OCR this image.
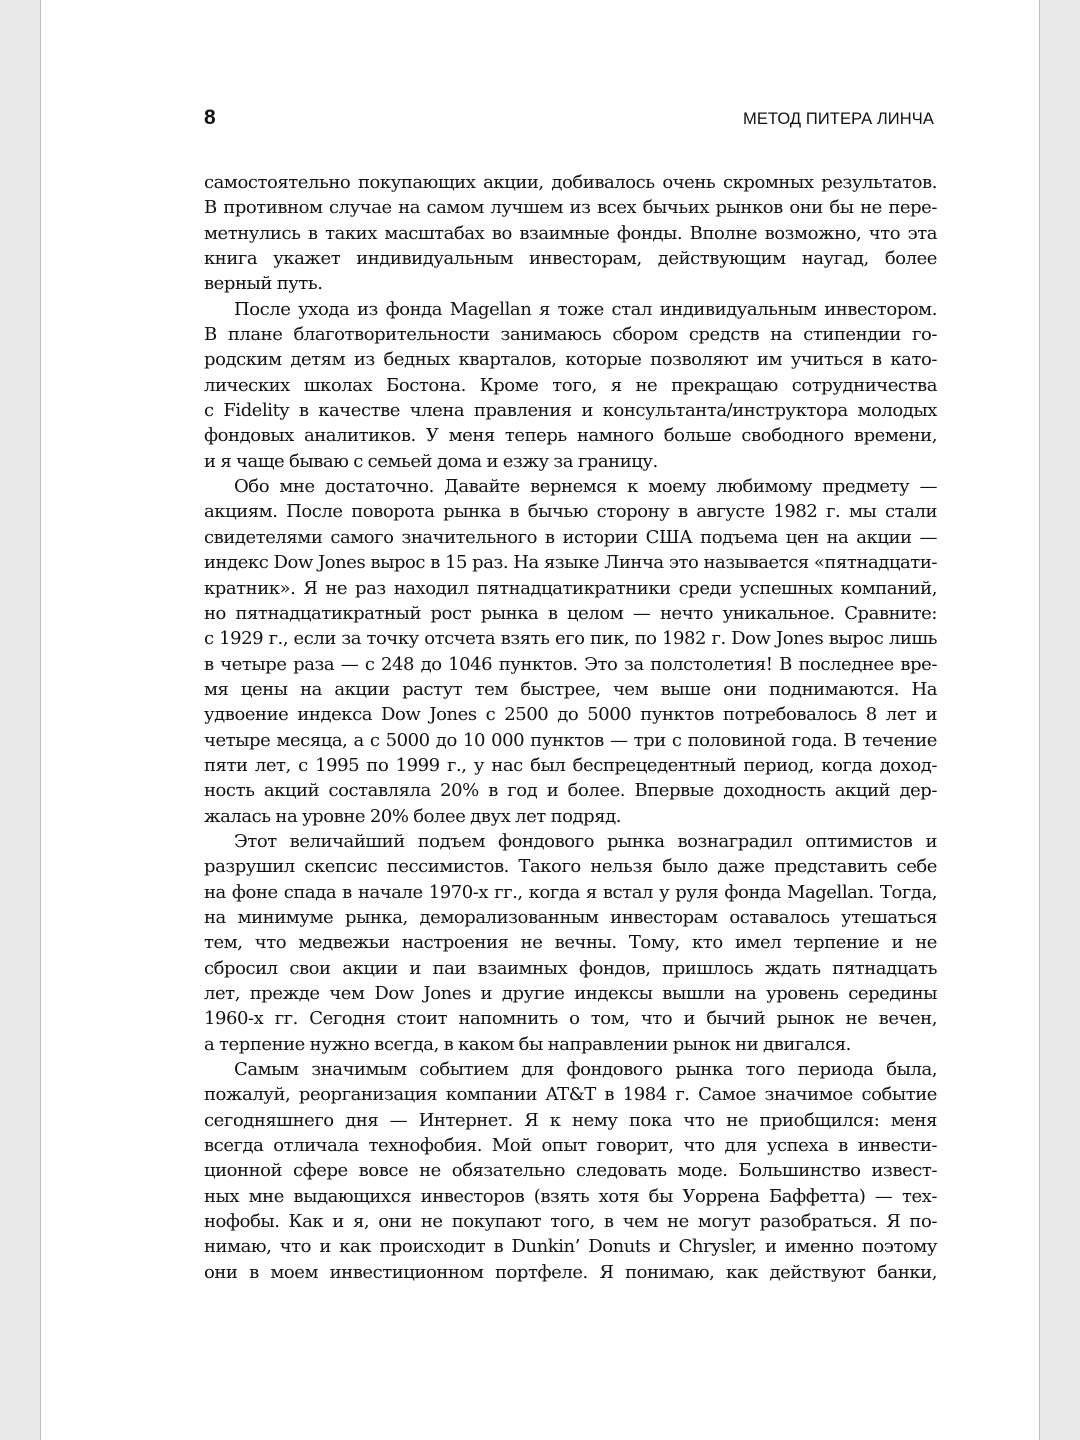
8	МЕТОД ПИТЕРА ЛИНЧА

самостоятельно покупающих акции, добивалось очень скромных результатов.
В противном случае на самом лучшем из всех бычьих рынков они бы не пере-
метнулись в таких масштабах во взаимные фонды. Вполне возможно, что эта
книга укажет индивидуальным инвесторам, действующим наугад, более
верный путь.

После ухода из фонда Magellan я тоже стал индивидуальным инвестором.
В плане благотворительности занимаюсь сбором средств на стипендии го-
родским детям из бедных кварталов, которые позволяют им учиться в като-
лических школах Бостона. Кроме того, я не прекращаю сотрудничества
с Fidelity в качестве члена правления и консультанта/инструктора молодых
фондовых аналитиков. У меня теперь намного больше свободного времени,
и я чаще бываю с семьей дома и езжу за границу.

Обо мне достаточно. Давайте вернемся к моему любимому предмету —
акциям. После поворота рынка в бычью сторону в августе 1982 г. мы стали
свидетелями самого значительного в истории США подъема цен на акции —
индекс Dow Jones вырос в 15 раз. На языке Линча это называется «пятнадцати-
кратник». Я не раз находил пятнадцатикратники среди успешных компаний,
но пятнадцатикратный рост рынка в целом — нечто уникальное. Сравните:
с 1929 г., если за точку отсчета взять его пик, по 1982 г. Dow Jones вырос лишь
в четыре раза — с 248 до 1046 пунктов. Это за полстолетия! В последнее вре-
мя цены на акции растут тем быстрее, чем выше они поднимаются. На
удвоение индекса Dow Jones с 2500 до 5000 пунктов потребовалось 8 лет и
четыре месяца, а с 5000 до 10 000 пунктов — три с половиной года. В течение
пяти лет, с 1995 по 1999 г., у нас был беспрецедентный период, когда доход-
ность акций составляла 20% в год и более. Впервые доходность акций дер-
жалась на уровне 20% более двух лет подряд.

Этот величайший подъем фондового рынка вознаградил оптимистов и
разрушил скепсис пессимистов. Такого нельзя было даже представить себе
на фоне спада в начале 1970-х гг., когда я встал у руля фонда Magellan. Тогда,
на минимуме рынка, деморализованным инвесторам оставалось утешаться
тем, что медвежьи настроения не вечны. Тому, кто имел терпение и не
сбросил свои акции и паи взаимных фондов, пришлось ждать пятнадцать
лет, прежде чем Dow Jones и другие индексы вышли на уровень середины
1960-х гг. Сегодня стоит напомнить о том, что и бычий рынок не вечен,
а терпение нужно всегда, в каком бы направлении рынок ни двигался.

Самым значимым событием для фондового рынка того периода была,
пожалуй, реорганизация компании AT&T в 1984 г. Самое значимое событие
сегодняшнего дня — Интернет. Я к нему пока что не приобщился: меня
всегда отличала технофобия. Мой опыт говорит, что для успеха в инвести-
ционной сфере вовсе не обязательно следовать моде. Большинство извест-
ных мне выдающихся инвесторов (взять хотя бы Уоррена Баффетта) — тех-
нофобы. Как и я, они не покупают того, в чем не могут разобраться. Я по-
нимаю, что и как происходит в Dunkin’ Donuts и Chrysler, и именно поэтому
они в моем инвестиционном портфеле. Я понимаю, как действуют банки,
